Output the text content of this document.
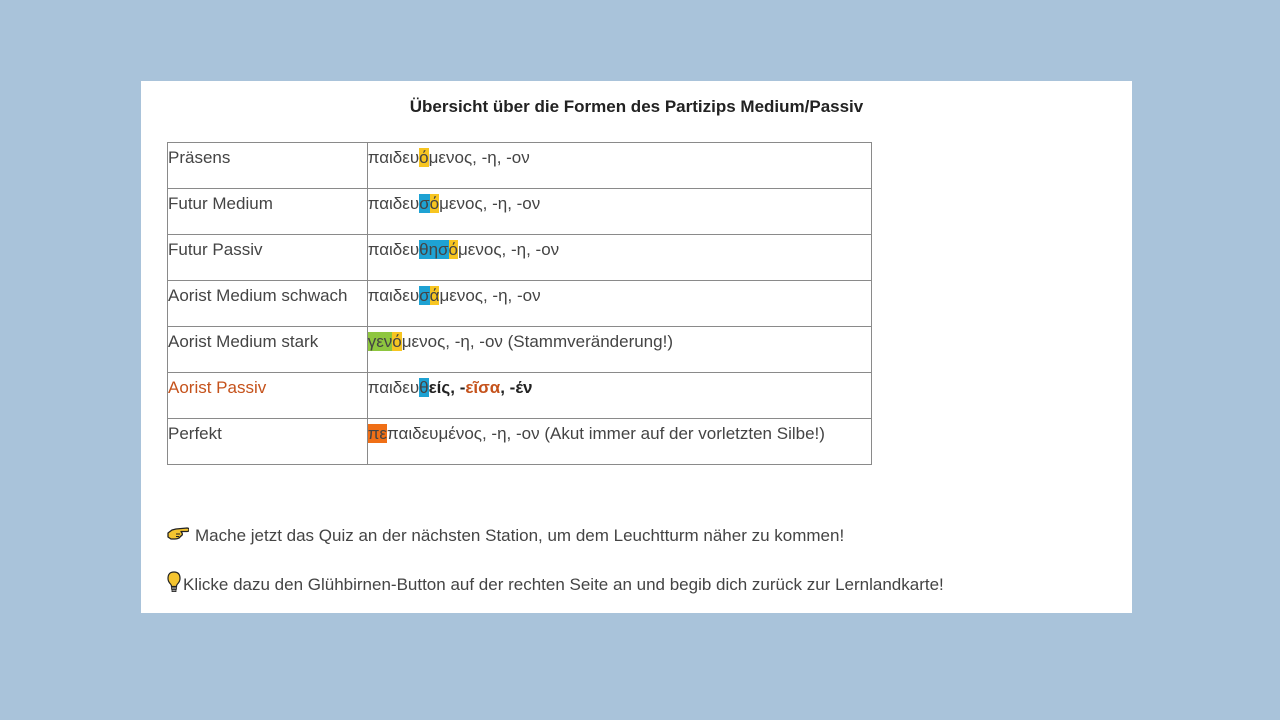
Übersicht über die Formen des Partizips Medium/Passiv
Präsens	παιδευόμενος, -η, -ον
Futur Medium	παιδευσόμενος, -η, -ον
Futur Passiv	παιδευθησόμενος, -η, -ον
Aorist Medium schwach	παιδευσάμενος, -η, -ον
Aorist Medium stark	γενόμενος, -η, -ον (Stammveränderung!)
Aorist Passiv	παιδευθείς, -εῖσα, -έν
Perfekt	πεπαιδευμένος, -η, -ον (Akut immer auf der vorletzten Silbe!)
Mache jetzt das Quiz an der nächsten Station, um dem Leuchtturm näher zu kommen!
Klicke dazu den Glühbirnen-Button auf der rechten Seite an und begib dich zurück zur Lernlandkarte!
